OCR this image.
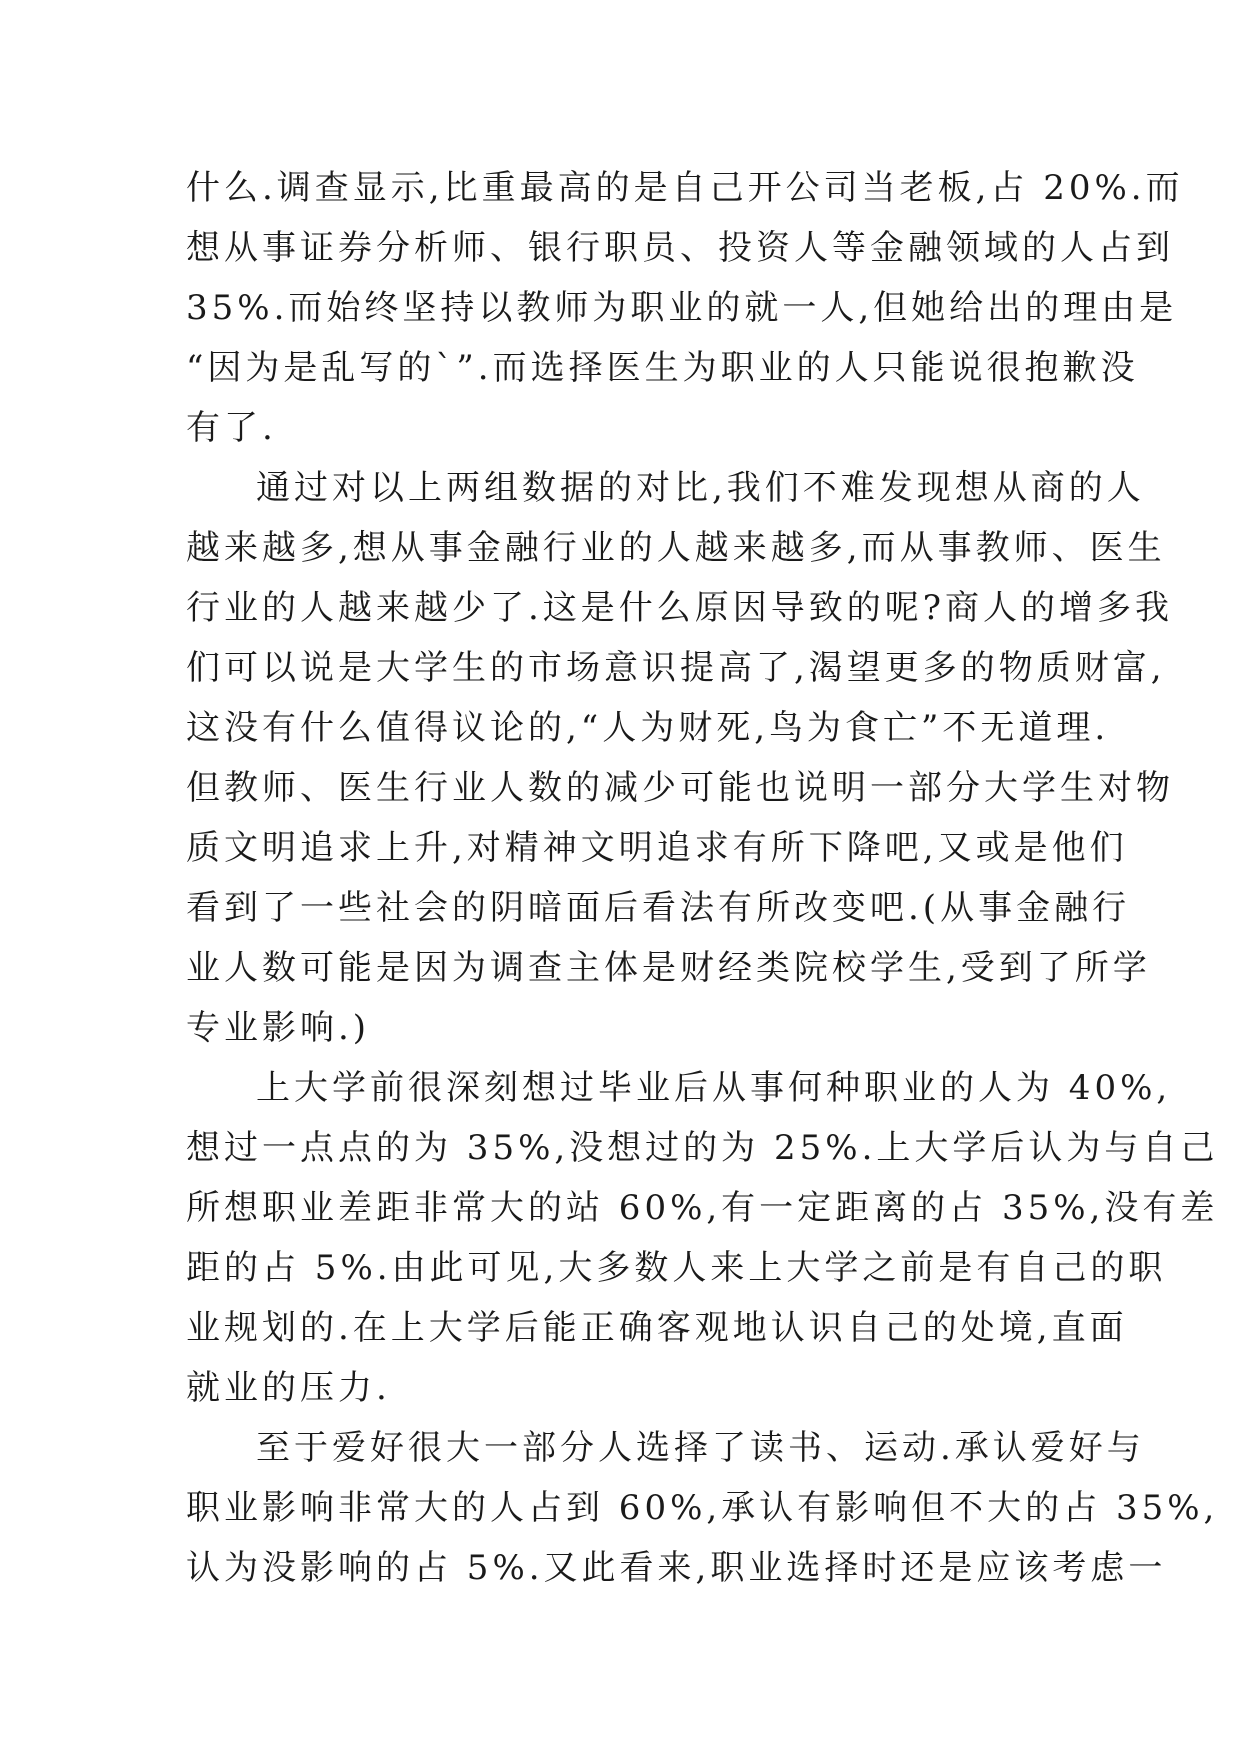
什么.调查显示,比重最高的是自己开公司当老板,占 20%.而
想从事证券分析师、银行职员、投资人等金融领域的人占到
35%.而始终坚持以教师为职业的就一人,但她给出的理由是
“因为是乱写的`”.而选择医生为职业的人只能说很抱歉没
有了.
通过对以上两组数据的对比,我们不难发现想从商的人
越来越多,想从事金融行业的人越来越多,而从事教师、医生
行业的人越来越少了.这是什么原因导致的呢?商人的增多我
们可以说是大学生的市场意识提高了,渴望更多的物质财富,
这没有什么值得议论的,“人为财死,鸟为食亡”不无道理.
但教师、医生行业人数的减少可能也说明一部分大学生对物
质文明追求上升,对精神文明追求有所下降吧,又或是他们
看到了一些社会的阴暗面后看法有所改变吧.(从事金融行
业人数可能是因为调查主体是财经类院校学生,受到了所学
专业影响.)
上大学前很深刻想过毕业后从事何种职业的人为 40%,
想过一点点的为 35%,没想过的为 25%.上大学后认为与自己
所想职业差距非常大的站 60%,有一定距离的占 35%,没有差
距的占 5%.由此可见,大多数人来上大学之前是有自己的职
业规划的.在上大学后能正确客观地认识自己的处境,直面
就业的压力.
至于爱好很大一部分人选择了读书、运动.承认爱好与
职业影响非常大的人占到 60%,承认有影响但不大的占 35%,
认为没影响的占 5%.又此看来,职业选择时还是应该考虑一
